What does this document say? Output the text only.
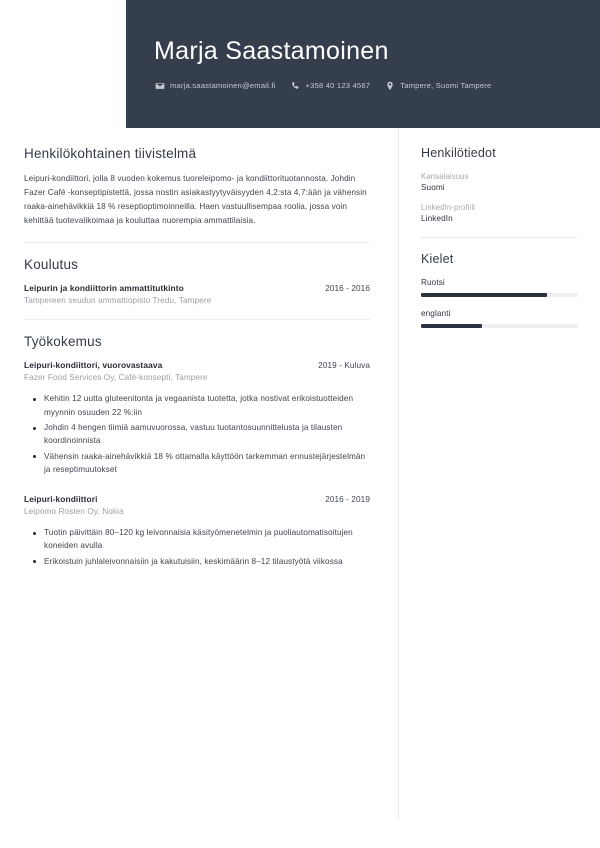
Marja Saastamoinen
marja.saastamoinen@email.fi	+358 40 123 4567	Tampere, Suomi Tampere
Henkilökohtainen tiivistelmä
Leipuri-kondiittori, jolla 8 vuoden kokemus tuoreleipomo- ja kondiittorituotannosta. Johdin Fazer Café -konseptipistettä, jossa nostin asiakastyytyväisyyden 4,2:sta 4,7:ään ja vähensin raaka-ainehävikkiä 18 % reseptioptimoinneilla. Haen vastuullisempaa roolia, jossa voin kehittää tuotevalikoimaa ja kouluttaa nuorempia ammattilaisia.
Koulutus
Leipurin ja kondiittorin ammattitutkinto	2016 - 2016
Tampereen seudun ammattiopisto Tredu, Tampere
Työkokemus
Leipuri-kondiittori, vuorovastaava	2019 - Kuluva
Fazer Food Services Oy, Café-konsepti, Tampere
Kehitin 12 uutta gluteenitonta ja vegaanista tuotetta, jotka nostivat erikoistuotteiden myynnin osuuden 22 %:iin
Johdin 4 hengen tiimiä aamuvuorossa, vastuu tuotantosuunnittelusta ja tilausten koordinoinnista
Vähensin raaka-ainehävikkiä 18 % ottamalla käyttöön tarkemman ennustejärjestelmän ja reseptimuutokset
Leipuri-kondiittori	2016 - 2019
Leipomo Rosten Oy, Nokia
Tuotin päivittäin 80–120 kg leivonnaisia käsityömenetelmin ja puoliautomatisoitujen koneiden avulla
Erikoistuin juhlaleivonnaisiin ja kakutuisiin, keskimäärin 8–12 tilaustyötä viikossa
Henkilötiedot
Kansalaisuus
Suomi
LinkedIn-profiili
LinkedIn
Kielet
Ruotsi
englanti
